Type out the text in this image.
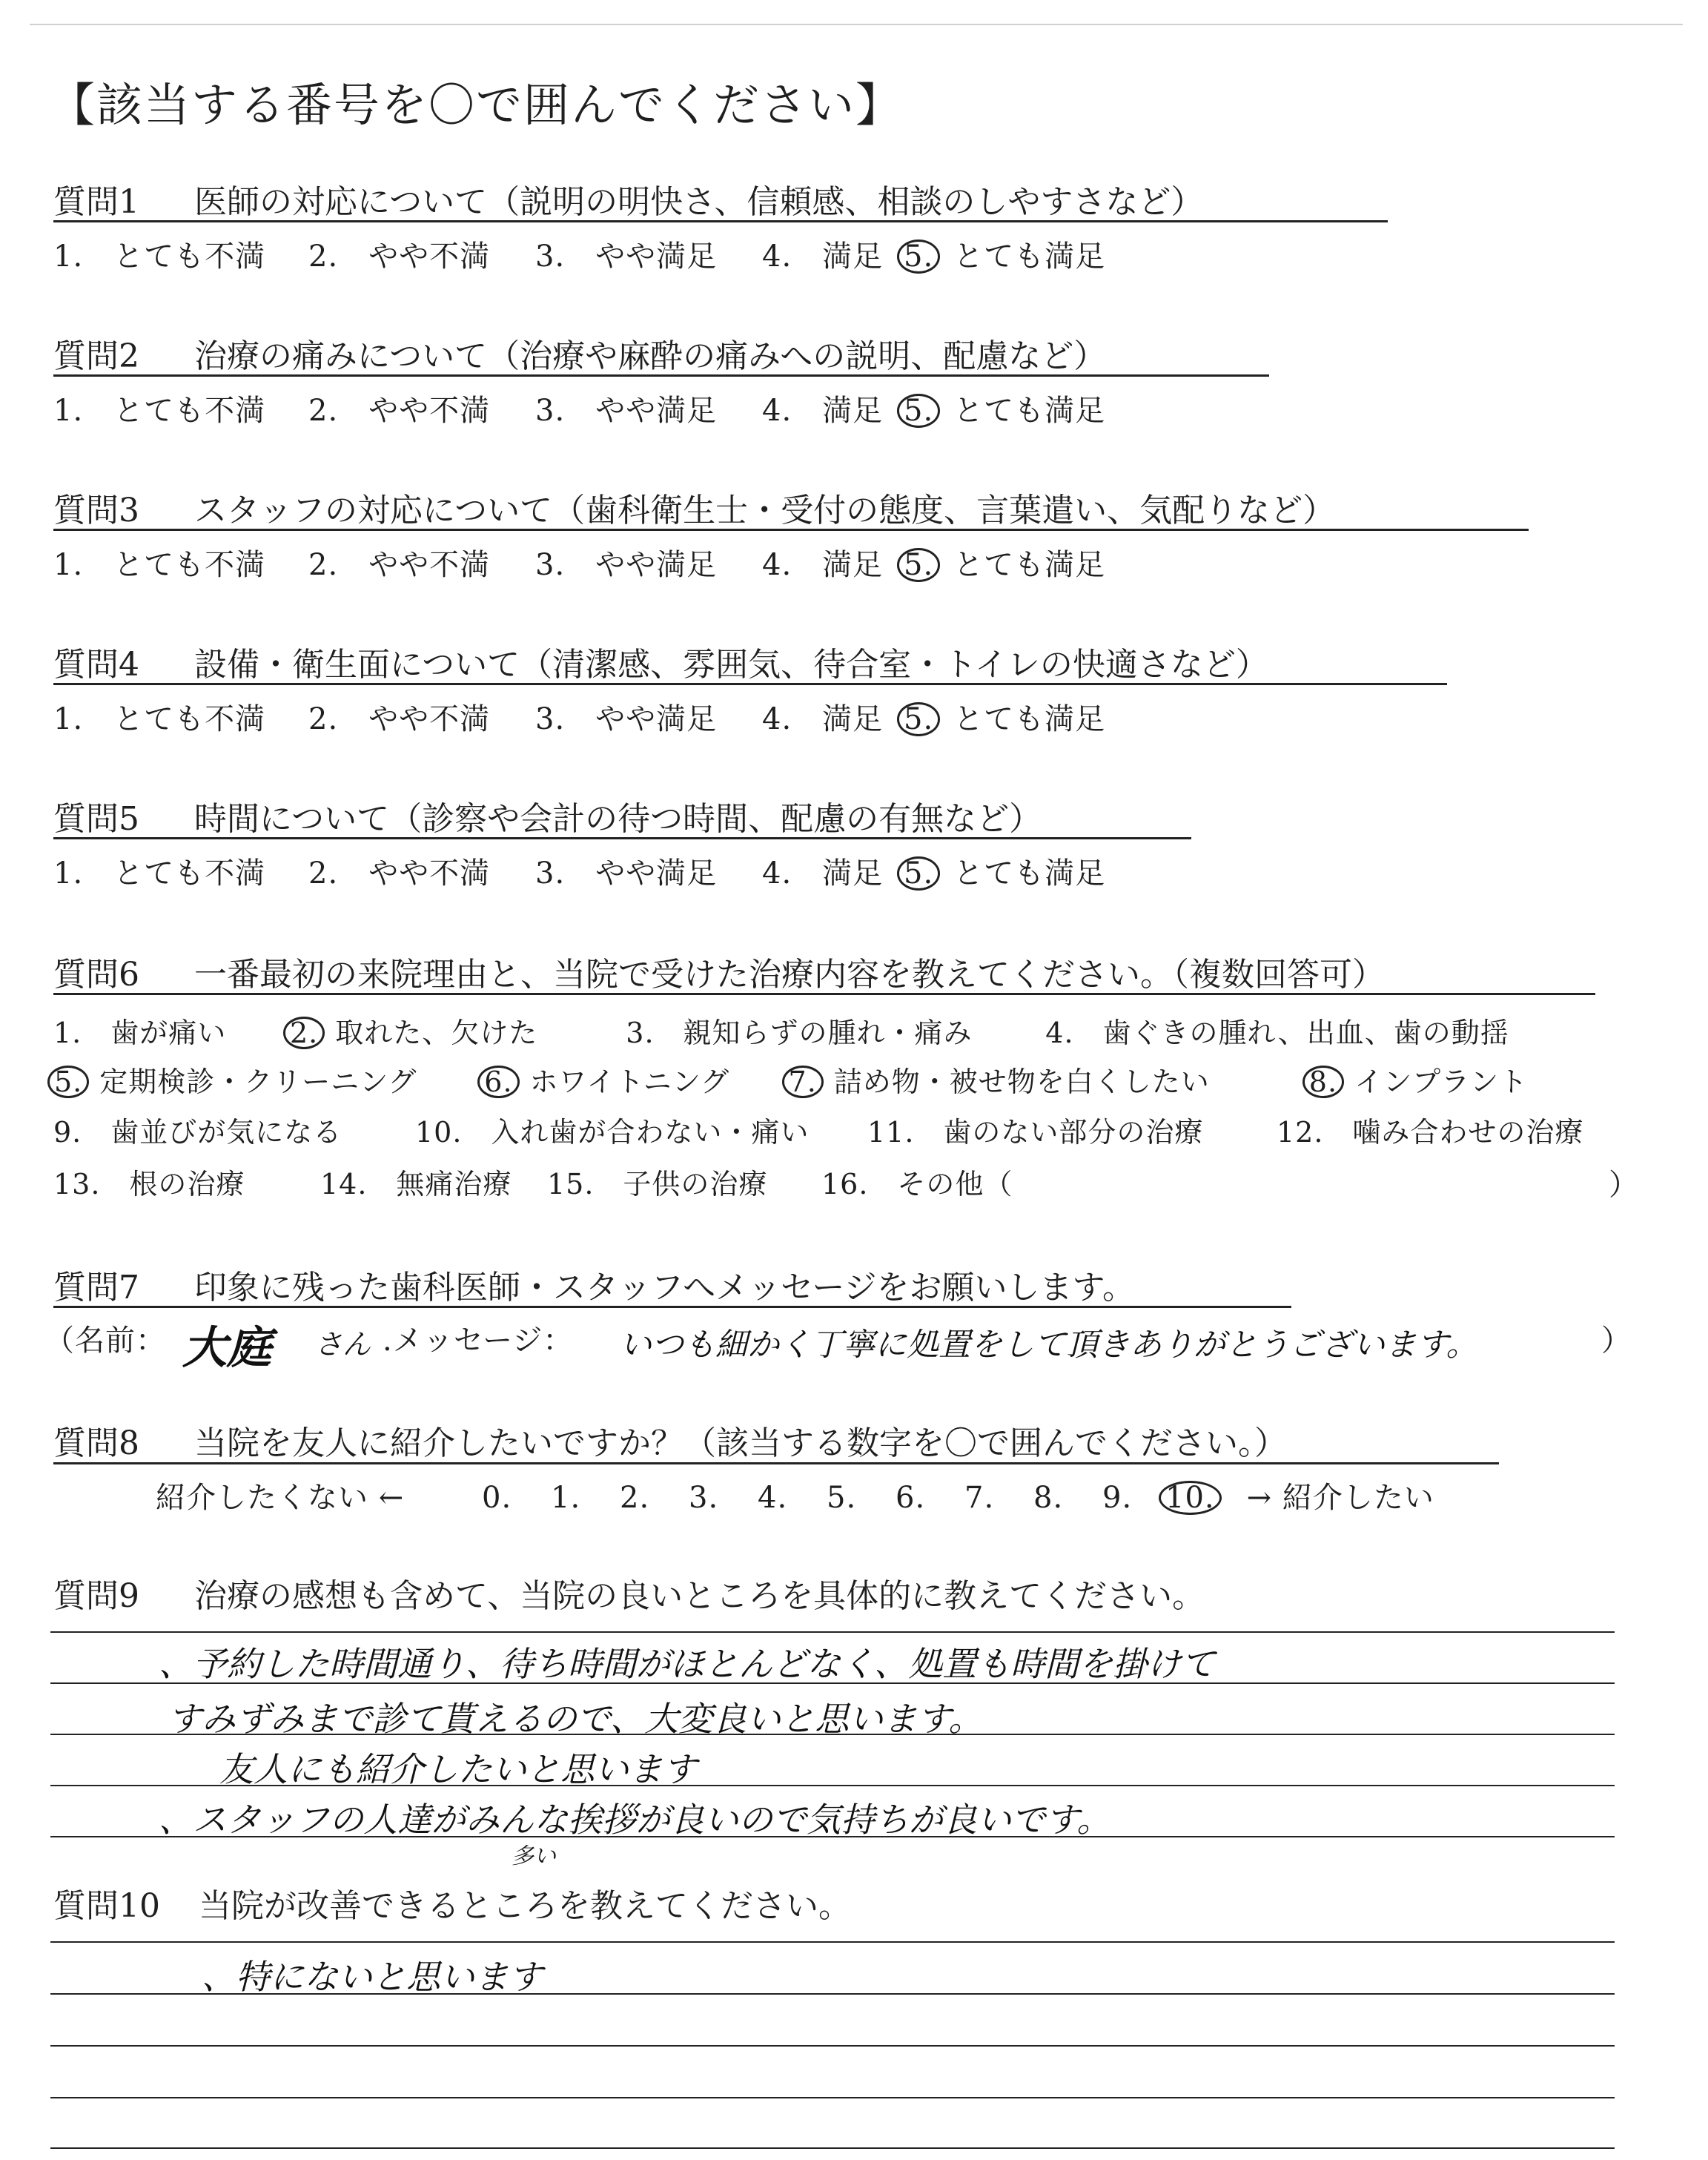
【該当する番号を〇で囲んでください】
質問1 医師の対応について（説明の明快さ、信頼感、相談のしやすさなど）
1.　とても不満 2.　やや不満 3.　やや満足 4.　満足 5. とても満足
質問2 治療の痛みについて（治療や麻酔の痛みへの説明、配慮など）
1.　とても不満 2.　やや不満 3.　やや満足 4.　満足 5. とても満足
質問3 スタッフの対応について（歯科衛生士・受付の態度、言葉遣い、気配りなど）
1.　とても不満 2.　やや不満 3.　やや満足 4.　満足 5. とても満足
質問4 設備・衛生面について（清潔感、雰囲気、待合室・トイレの快適さなど）
1.　とても不満 2.　やや不満 3.　やや満足 4.　満足 5. とても満足
質問5 時間について（診察や会計の待つ時間、配慮の有無など）
1.　とても不満 2.　やや不満 3.　やや満足 4.　満足 5. とても満足
質問6 一番最初の来院理由と、当院で受けた治療内容を教えてください。（複数回答可）
1.　歯が痛い 2. 取れた、欠けた	3.　親知らずの腫れ・痛み	4.　歯ぐきの腫れ、出血、歯の動揺
5. 定期検診・クリーニング 6. ホワイトニング 7. 詰め物・被せ物を白くしたい	8. インプラント
9.　歯並びが気になる	10.　入れ歯が合わない・痛い 11.　歯のない部分の治療	12.　噛み合わせの治療
13.　根の治療	14.　無痛治療 15.　子供の治療 16.　その他（	）
質問7 印象に残った歯科医師・スタッフへメッセージをお願いします。
（名前： 大庭 さん .メッセージ： いつも細かく丁寧に処置をして頂きありがとうございます。	）
質問8 当院を友人に紹介したいですか？（該当する数字を〇で囲んでください。）
紹介したくない ←	0. 1. 2. 3. 4. 5. 6. 7. 8. 9. 10. → 紹介したい
質問9 治療の感想も含めて、当院の良いところを具体的に教えてください。
、予約した時間通り、待ち時間がほとんどなく、処置も時間を掛けて
すみずみまで診て貰えるので、大変良いと思います。
友人にも紹介したいと思います
、スタッフの人達がみんな挨拶が良いので気持ちが良いです。
多い
質問10 当院が改善できるところを教えてください。
、特にないと思います
